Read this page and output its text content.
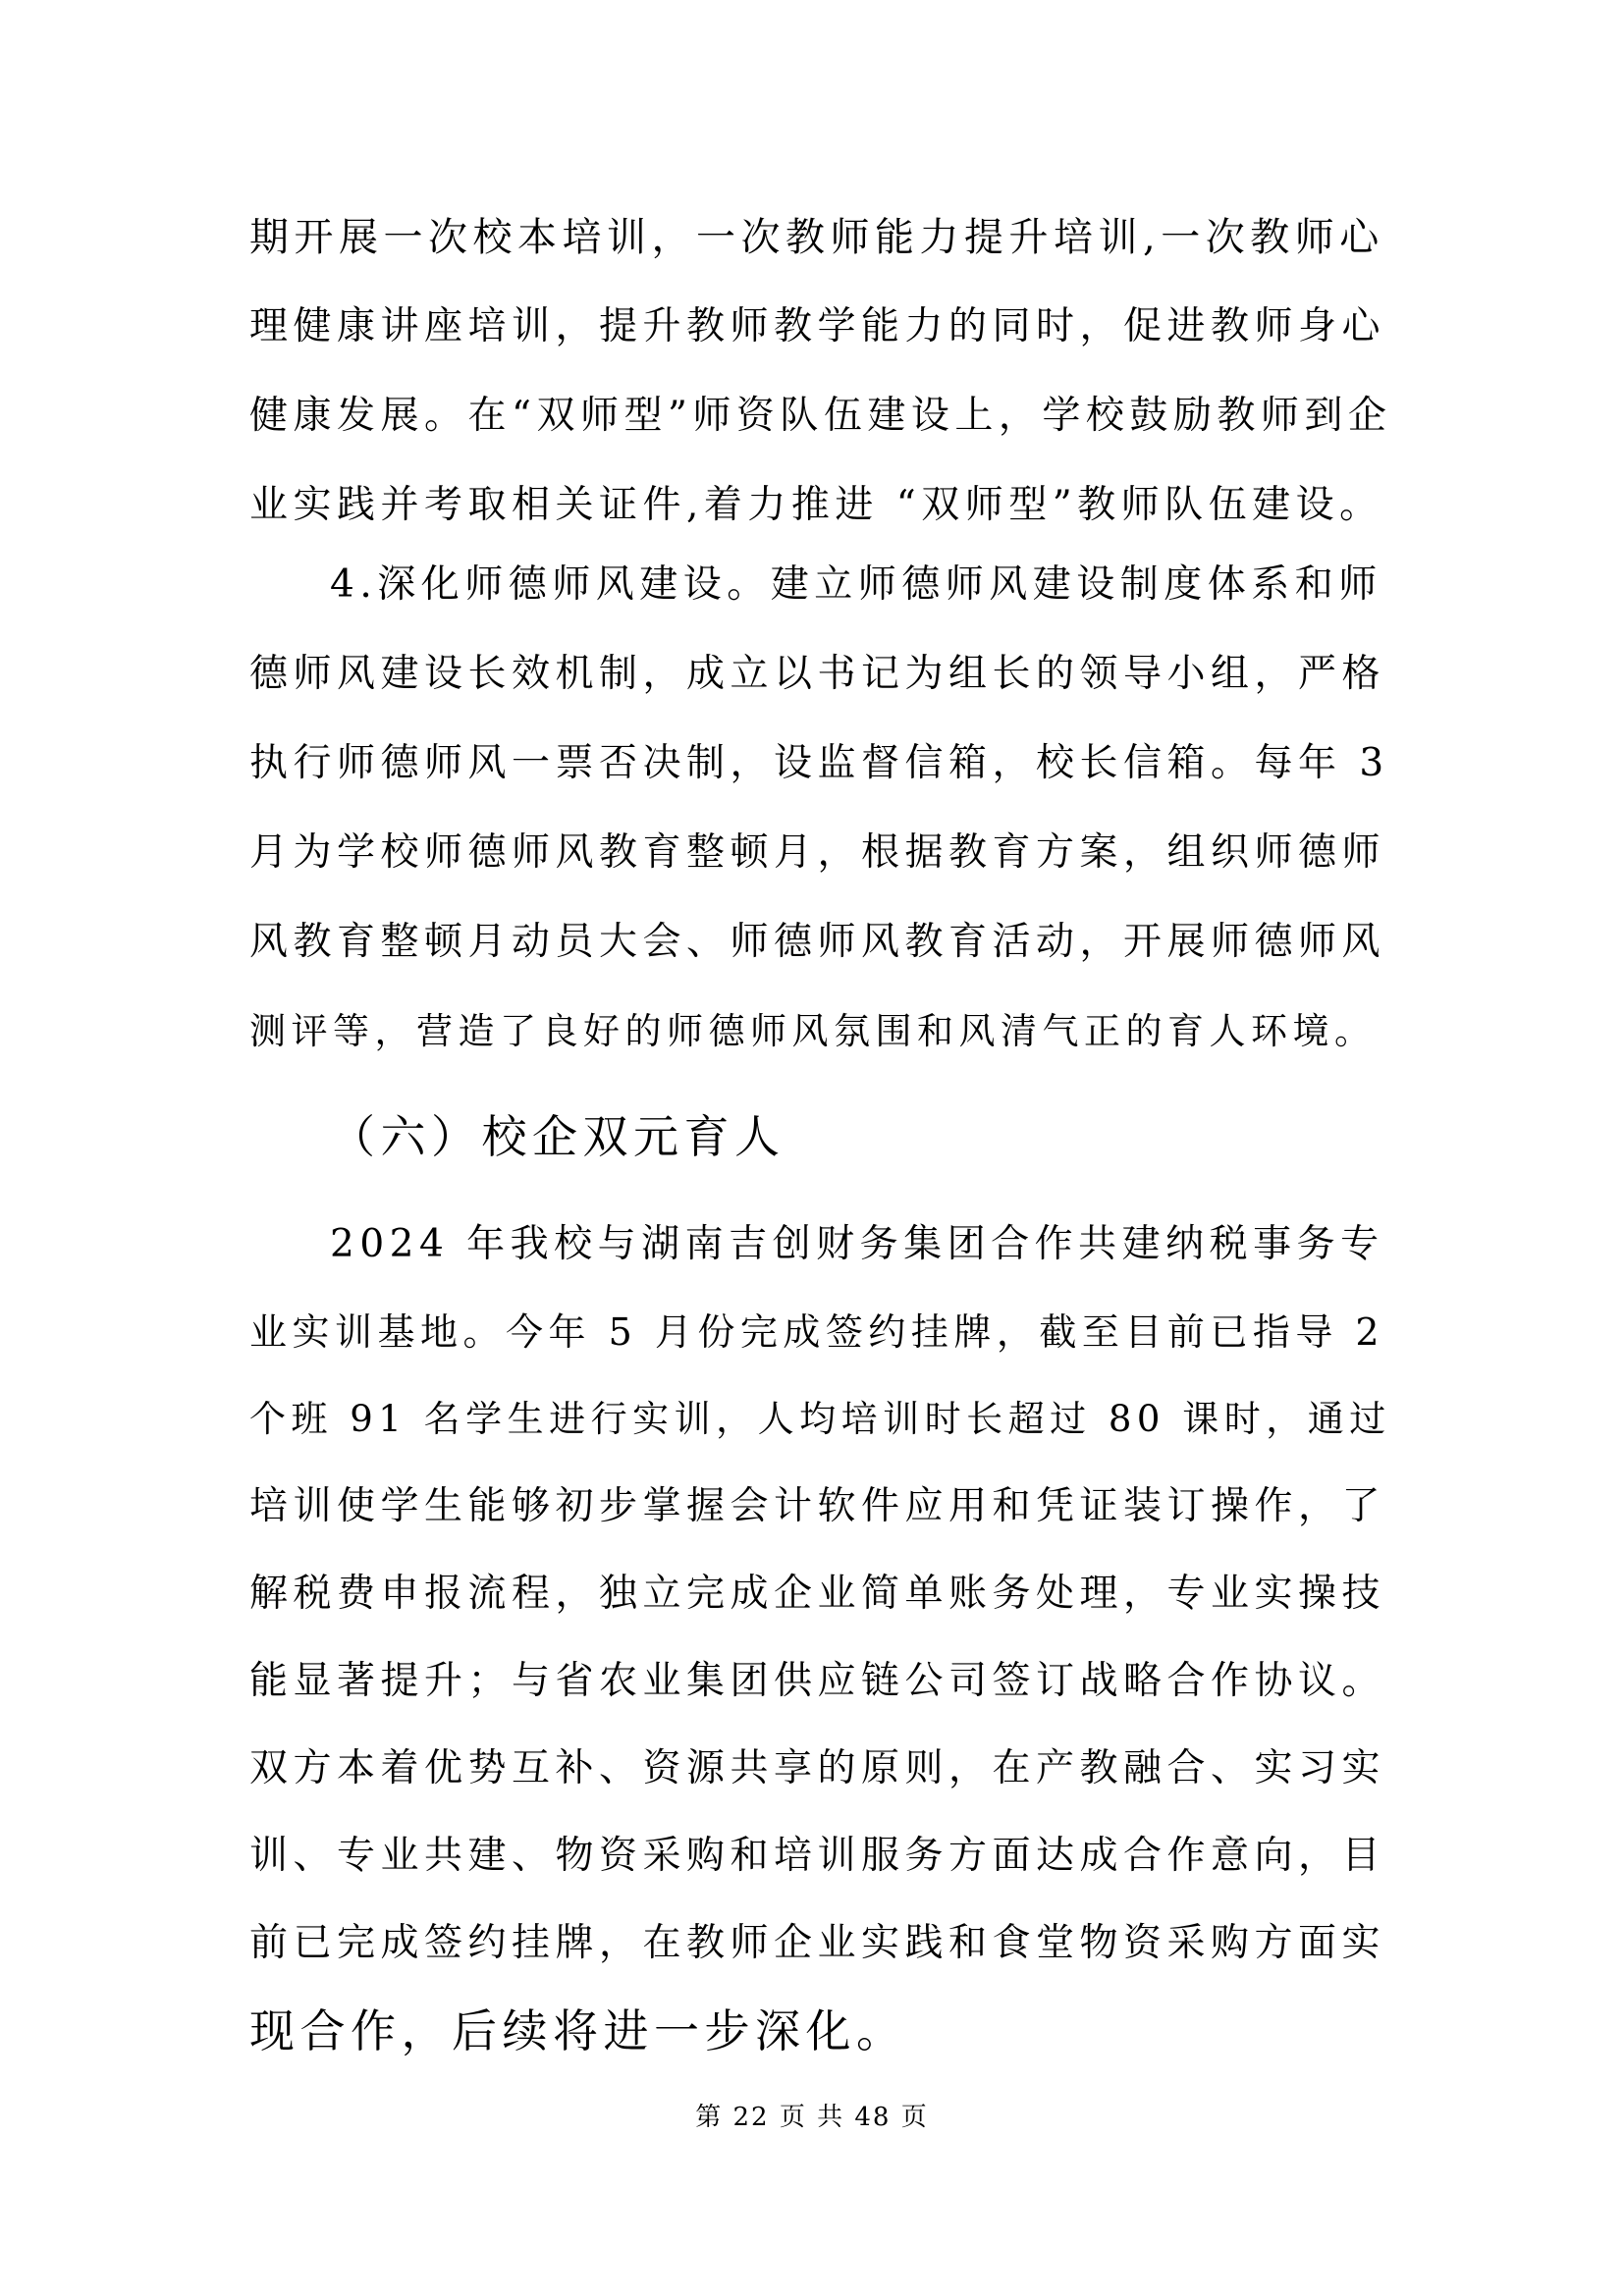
期开展一次校本培训，一次教师能力提升培训,一次教师心
理健康讲座培训，提升教师教学能力的同时，促进教师身心
健康发展。在“双师型”师资队伍建设上，学校鼓励教师到企
业实践并考取相关证件,着力推进 “双师型”教师队伍建设。
4.深化师德师风建设。建立师德师风建设制度体系和师
德师风建设长效机制，成立以书记为组长的领导小组，严格
执行师德师风一票否决制，设监督信箱，校长信箱。每年 3
月为学校师德师风教育整顿月，根据教育方案，组织师德师
风教育整顿月动员大会、师德师风教育活动，开展师德师风
测评等，营造了良好的师德师风氛围和风清气正的育人环境。
（六）校企双元育人
2024 年我校与湖南吉创财务集团合作共建纳税事务专
业实训基地。今年 5 月份完成签约挂牌，截至目前已指导 2
个班 91 名学生进行实训，人均培训时长超过 80 课时，通过
培训使学生能够初步掌握会计软件应用和凭证装订操作，了
解税费申报流程，独立完成企业简单账务处理，专业实操技
能显著提升；与省农业集团供应链公司签订战略合作协议。
双方本着优势互补、资源共享的原则，在产教融合、实习实
训、专业共建、物资采购和培训服务方面达成合作意向，目
前已完成签约挂牌，在教师企业实践和食堂物资采购方面实
现合作，后续将进一步深化。
第 22 页 共 48 页
